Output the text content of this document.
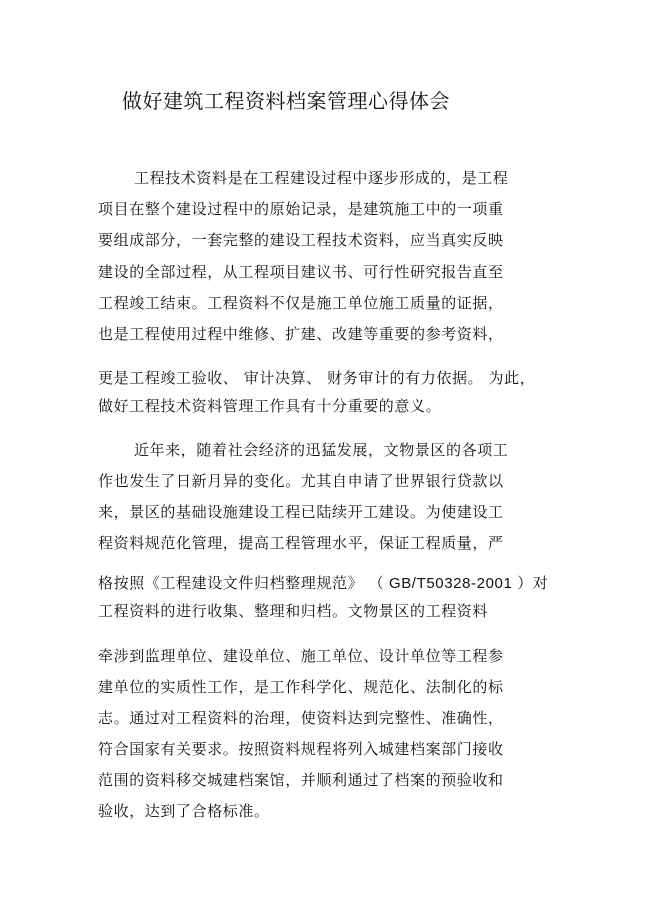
做好建筑工程资料档案管理心得体会

工程技术资料是在工程建设过程中逐步形成的，是工程

项目在整个建设过程中的原始记录，是建筑施工中的一项重

要组成部分，一套完整的建设工程技术资料，应当真实反映

建设的全部过程，从工程项目建议书、可行性研究报告直至

工程竣工结束。工程资料不仅是施工单位施工质量的证据，

也是工程使用过程中维修、扩建、改建等重要的参考资料，

更是工程竣工验收、 审计决算、 财务审计的有力依据。 为此，

做好工程技术资料管理工作具有十分重要的意义。

近年来，随着社会经济的迅猛发展，文物景区的各项工

作也发生了日新月异的变化。尤其自申请了世界银行贷款以

来，景区的基础设施建设工程已陆续开工建设。为使建设工

程资料规范化管理，提高工程管理水平，保证工程质量，严

格按照《工程建设文件归档整理规范》 （ GB/T50328-2001 ）对

工程资料的进行收集、整理和归档。文物景区的工程资料

牵涉到监理单位、建设单位、施工单位、设计单位等工程参

建单位的实质性工作，是工作科学化、规范化、法制化的标

志。通过对工程资料的治理，使资料达到完整性、准确性，

符合国家有关要求。按照资料规程将列入城建档案部门接收

范围的资料移交城建档案馆，并顺利通过了档案的预验收和

验收，达到了合格标准。
